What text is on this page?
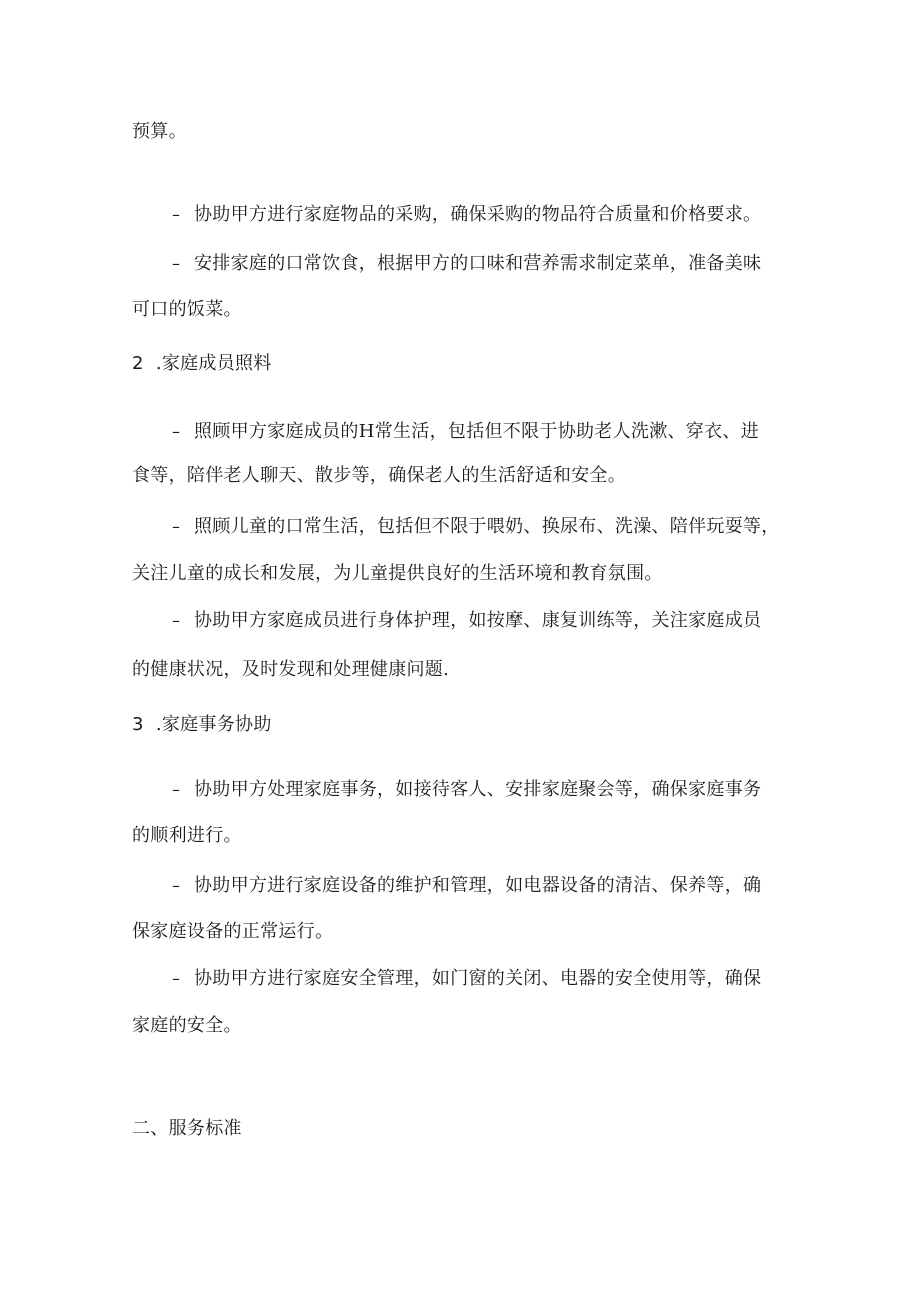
预算。
– 协助甲方进行家庭物品的采购，确保采购的物品符合质量和价格要求。
– 安排家庭的口常饮食，根据甲方的口味和营养需求制定菜单，准备美味
可口的饭菜。
2 .家庭成员照料
– 照顾甲方家庭成员的H常生活，包括但不限于协助老人洗漱、穿衣、进
食等，陪伴老人聊天、散步等，确保老人的生活舒适和安全。
– 照顾儿童的口常生活，包括但不限于喂奶、换尿布、洗澡、陪伴玩耍等，
关注儿童的成长和发展，为儿童提供良好的生活环境和教育氛围。
– 协助甲方家庭成员进行身体护理，如按摩、康复训练等，关注家庭成员
的健康状况，及时发现和处理健康问题.
3 .家庭事务协助
– 协助甲方处理家庭事务，如接待客人、安排家庭聚会等，确保家庭事务
的顺利进行。
– 协助甲方进行家庭设备的维护和管理，如电器设备的清洁、保养等，确
保家庭设备的正常运行。
– 协助甲方进行家庭安全管理，如门窗的关闭、电器的安全使用等，确保
家庭的安全。
二、服务标准
